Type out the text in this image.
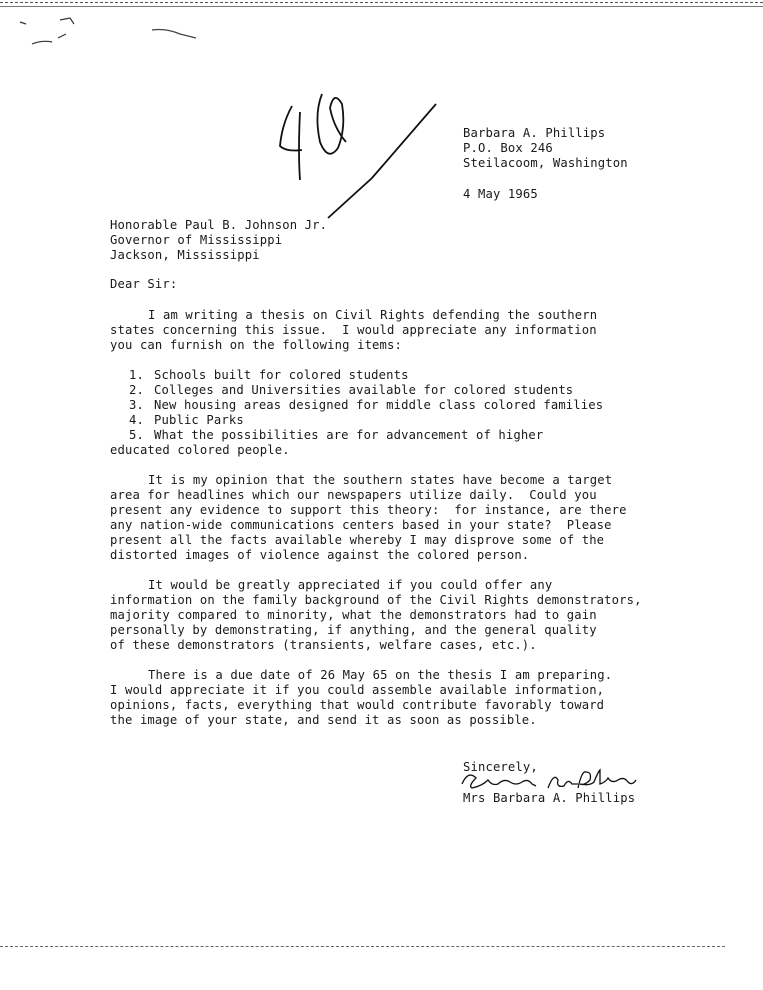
Barbara A. Phillips
P.O. Box 246
Steilacoom, Washington
4 May 1965
Honorable Paul B. Johnson Jr.
Governor of Mississippi
Jackson, Mississippi
Dear Sir:
I am writing a thesis on Civil Rights defending the southern
states concerning this issue.  I would appreciate any information
you can furnish on the following items:
1. Schools built for colored students
2. Colleges and Universities available for colored students
3. New housing areas designed for middle class colored families
4. Public Parks
5. What the possibilities are for advancement of higher
educated colored people.
It is my opinion that the southern states have become a target
area for headlines which our newspapers utilize daily.  Could you
present any evidence to support this theory:  for instance, are there
any nation-wide communications centers based in your state?  Please
present all the facts available whereby I may disprove some of the
distorted images of violence against the colored person.
It would be greatly appreciated if you could offer any
information on the family background of the Civil Rights demonstrators,
majority compared to minority, what the demonstrators had to gain
personally by demonstrating, if anything, and the general quality
of these demonstrators (transients, welfare cases, etc.).
There is a due date of 26 May 65 on the thesis I am preparing.
I would appreciate it if you could assemble available information,
opinions, facts, everything that would contribute favorably toward
the image of your state, and send it as soon as possible.
Sincerely,
Mrs Barbara A. Phillips
